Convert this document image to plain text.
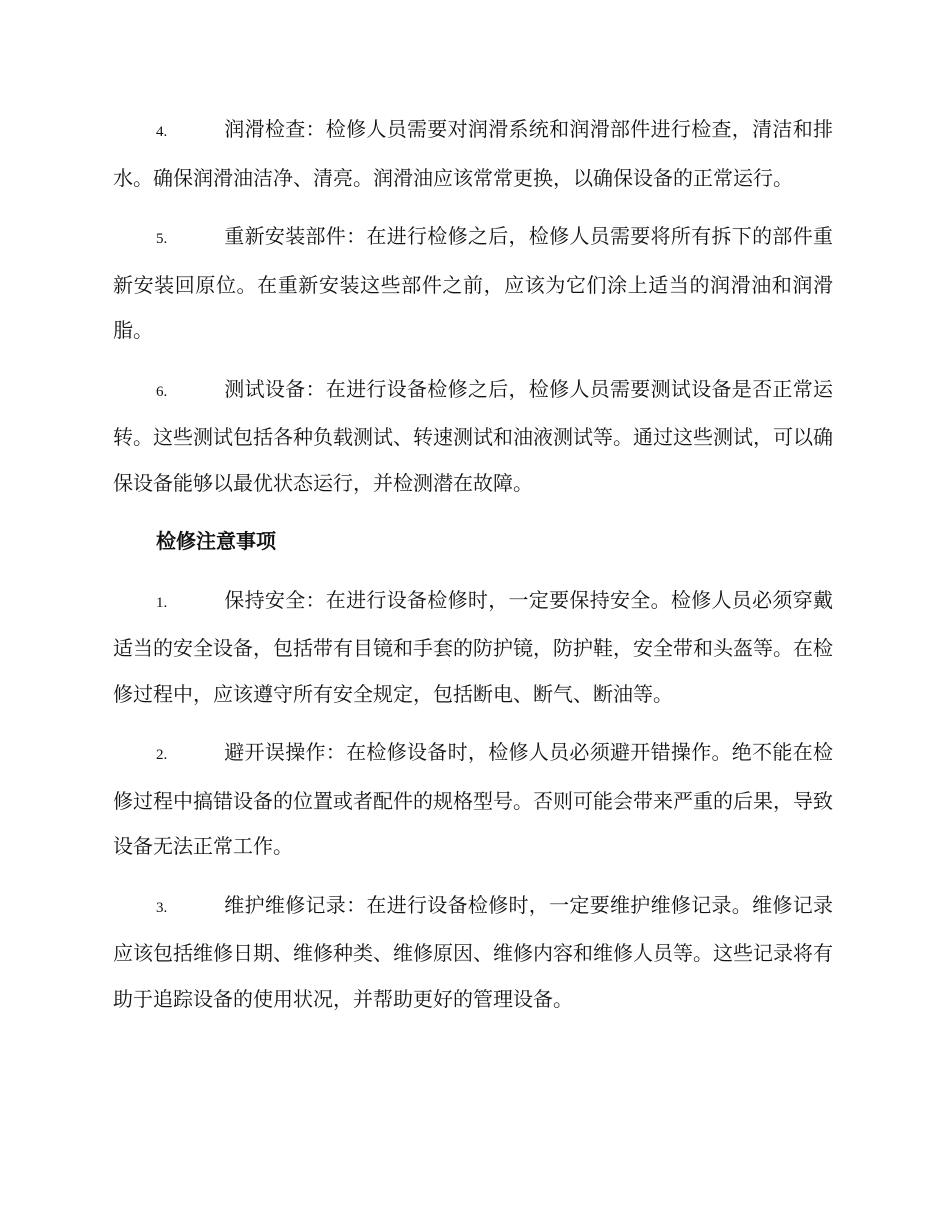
4.	润滑检查：检修人员需要对润滑系统和润滑部件进行检查，清洁和排水。确保润滑油洁净、清亮。润滑油应该常常更换，以确保设备的正常运行。

5.	重新安装部件：在进行检修之后，检修人员需要将所有拆下的部件重新安装回原位。在重新安装这些部件之前，应该为它们涂上适当的润滑油和润滑脂。

6.	测试设备：在进行设备检修之后，检修人员需要测试设备是否正常运转。这些测试包括各种负载测试、转速测试和油液测试等。通过这些测试，可以确保设备能够以最优状态运行，并检测潜在故障。

检修注意事项

1.	保持安全：在进行设备检修时，一定要保持安全。检修人员必须穿戴适当的安全设备，包括带有目镜和手套的防护镜，防护鞋，安全带和头盔等。在检修过程中，应该遵守所有安全规定，包括断电、断气、断油等。

2.	避开误操作：在检修设备时，检修人员必须避开错操作。绝不能在检修过程中搞错设备的位置或者配件的规格型号。否则可能会带来严重的后果，导致设备无法正常工作。

3.	维护维修记录：在进行设备检修时，一定要维护维修记录。维修记录应该包括维修日期、维修种类、维修原因、维修内容和维修人员等。这些记录将有助于追踪设备的使用状况，并帮助更好的管理设备。
